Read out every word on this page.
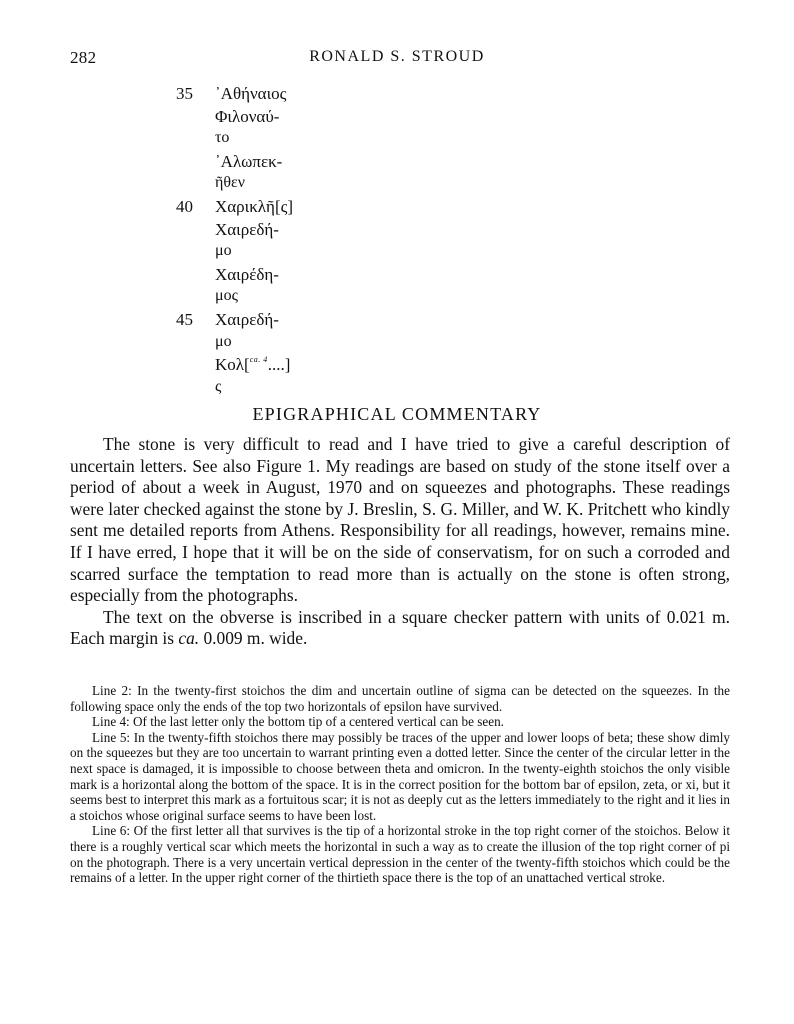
282	RONALD S. STROUD
35	᾿Αθήναιος
Φιλοναύ-
το
᾿Αλωπεκ-
ῆθεν
40	Χαρικλῆ[ς]
Χαιρεδή-
μο
Χαιρέδη-
μος
45	Χαιρεδή-
μο
Κολ[$^{ca. 4}$....]
ς
EPIGRAPHICAL COMMENTARY

The stone is very difficult to read and I have tried to give a careful description of uncertain letters. See also Figure 1. My readings are based on study of the stone itself over a period of about a week in August, 1970 and on squeezes and photographs. These readings were later checked against the stone by J. Breslin, S. G. Miller, and W. K. Pritchett who kindly sent me detailed reports from Athens. Responsibility for all readings, however, remains mine. If I have erred, I hope that it will be on the side of conservatism, for on such a corroded and scarred surface the temptation to read more than is actually on the stone is often strong, especially from the photographs.

The text on the obverse is inscribed in a square checker pattern with units of 0.021 m. Each margin is ca. 0.009 m. wide.

Line 2: In the twenty-first stoichos the dim and uncertain outline of sigma can be detected on the squeezes. In the following space only the ends of the top two horizontals of epsilon have survived.

Line 4: Of the last letter only the bottom tip of a centered vertical can be seen.

Line 5: In the twenty-fifth stoichos there may possibly be traces of the upper and lower loops of beta; these show dimly on the squeezes but they are too uncertain to warrant printing even a dotted letter. Since the center of the circular letter in the next space is damaged, it is impossible to choose between theta and omicron. In the twenty-eighth stoichos the only visible mark is a horizontal along the bottom of the space. It is in the correct position for the bottom bar of epsilon, zeta, or xi, but it seems best to interpret this mark as a fortuitous scar; it is not as deeply cut as the letters immediately to the right and it lies in a stoichos whose original surface seems to have been lost.

Line 6: Of the first letter all that survives is the tip of a horizontal stroke in the top right corner of the stoichos. Below it there is a roughly vertical scar which meets the horizontal in such a way as to create the illusion of the top right corner of pi on the photograph. There is a very uncertain vertical depression in the center of the twenty-fifth stoichos which could be the remains of a letter. In the upper right corner of the thirtieth space there is the top of an unattached vertical stroke.
